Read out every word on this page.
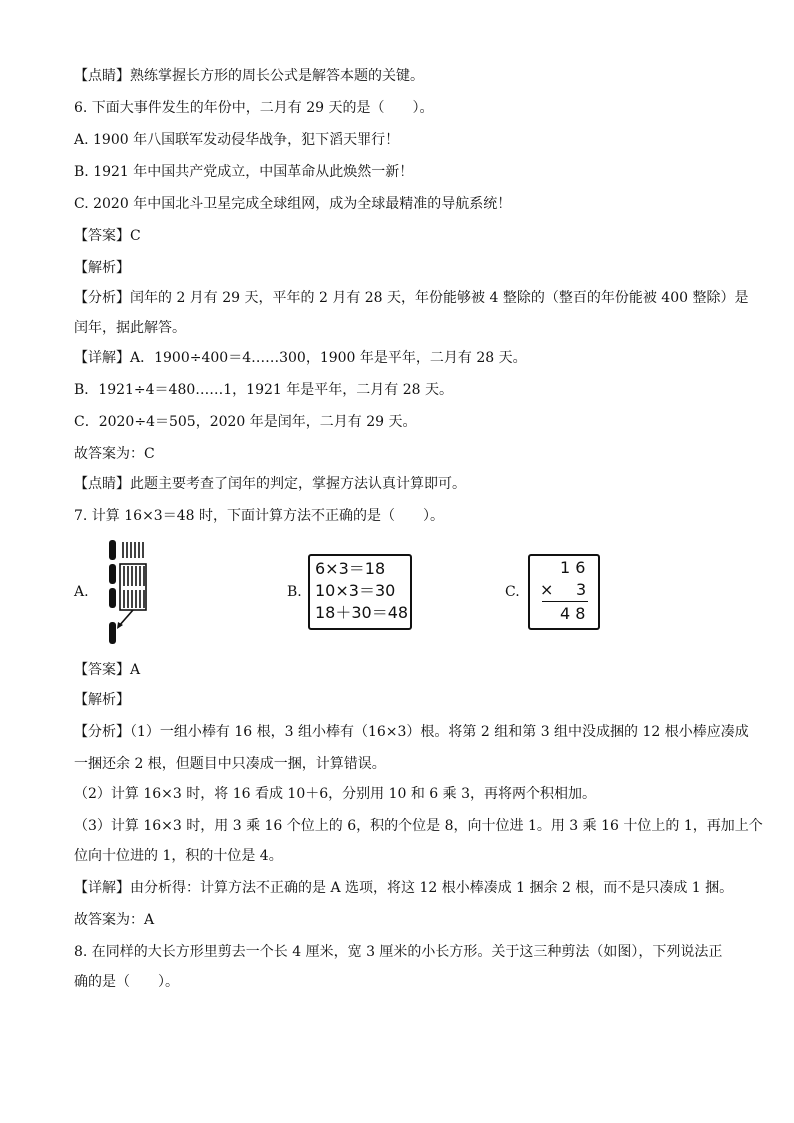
【点睛】熟练掌握长方形的周长公式是解答本题的关键。
6. 下面大事件发生的年份中，二月有 29 天的是（　　）。
A. 1900 年八国联军发动侵华战争，犯下滔天罪行！
B. 1921 年中国共产党成立，中国革命从此焕然一新！
C. 2020 年中国北斗卫星完成全球组网，成为全球最精准的导航系统！
【答案】C
【解析】
【分析】闰年的 2 月有 29 天，平年的 2 月有 28 天，年份能够被 4 整除的（整百的年份能被 400 整除）是
闰年，据此解答。
【详解】A．1900÷400＝4……300，1900 年是平年，二月有 28 天。
B．1921÷4＝480……1，1921 年是平年，二月有 28 天。
C．2020÷4＝505，2020 年是闰年，二月有 29 天。
故答案为：C
【点睛】此题主要考查了闰年的判定，掌握方法认真计算即可。
7. 计算 16×3＝48 时，下面计算方法不正确的是（　　）。
【答案】A
【解析】
【分析】（1）一组小棒有 16 根，3 组小棒有（16×3）根。将第 2 组和第 3 组中没成捆的 12 根小棒应凑成
一捆还余 2 根，但题目中只凑成一捆，计算错误。
（2）计算 16×3 时，将 16 看成 10＋6，分别用 10 和 6 乘 3，再将两个积相加。
（3）计算 16×3 时，用 3 乘 16 个位上的 6，积的个位是 8，向十位进 1。用 3 乘 16 十位上的 1，再加上个
位向十位进的 1，积的十位是 4。
【详解】由分析得：计算方法不正确的是 A 选项，将这 12 根小棒凑成 1 捆余 2 根，而不是只凑成 1 捆。
故答案为：A
8. 在同样的大长方形里剪去一个长 4 厘米，宽 3 厘米的小长方形。关于这三种剪法（如图），下列说法正
确的是（　　）。
A.	B.
6×3＝18
10×3＝30
18＋30＝48
C.
1 6
× 3
4 8
